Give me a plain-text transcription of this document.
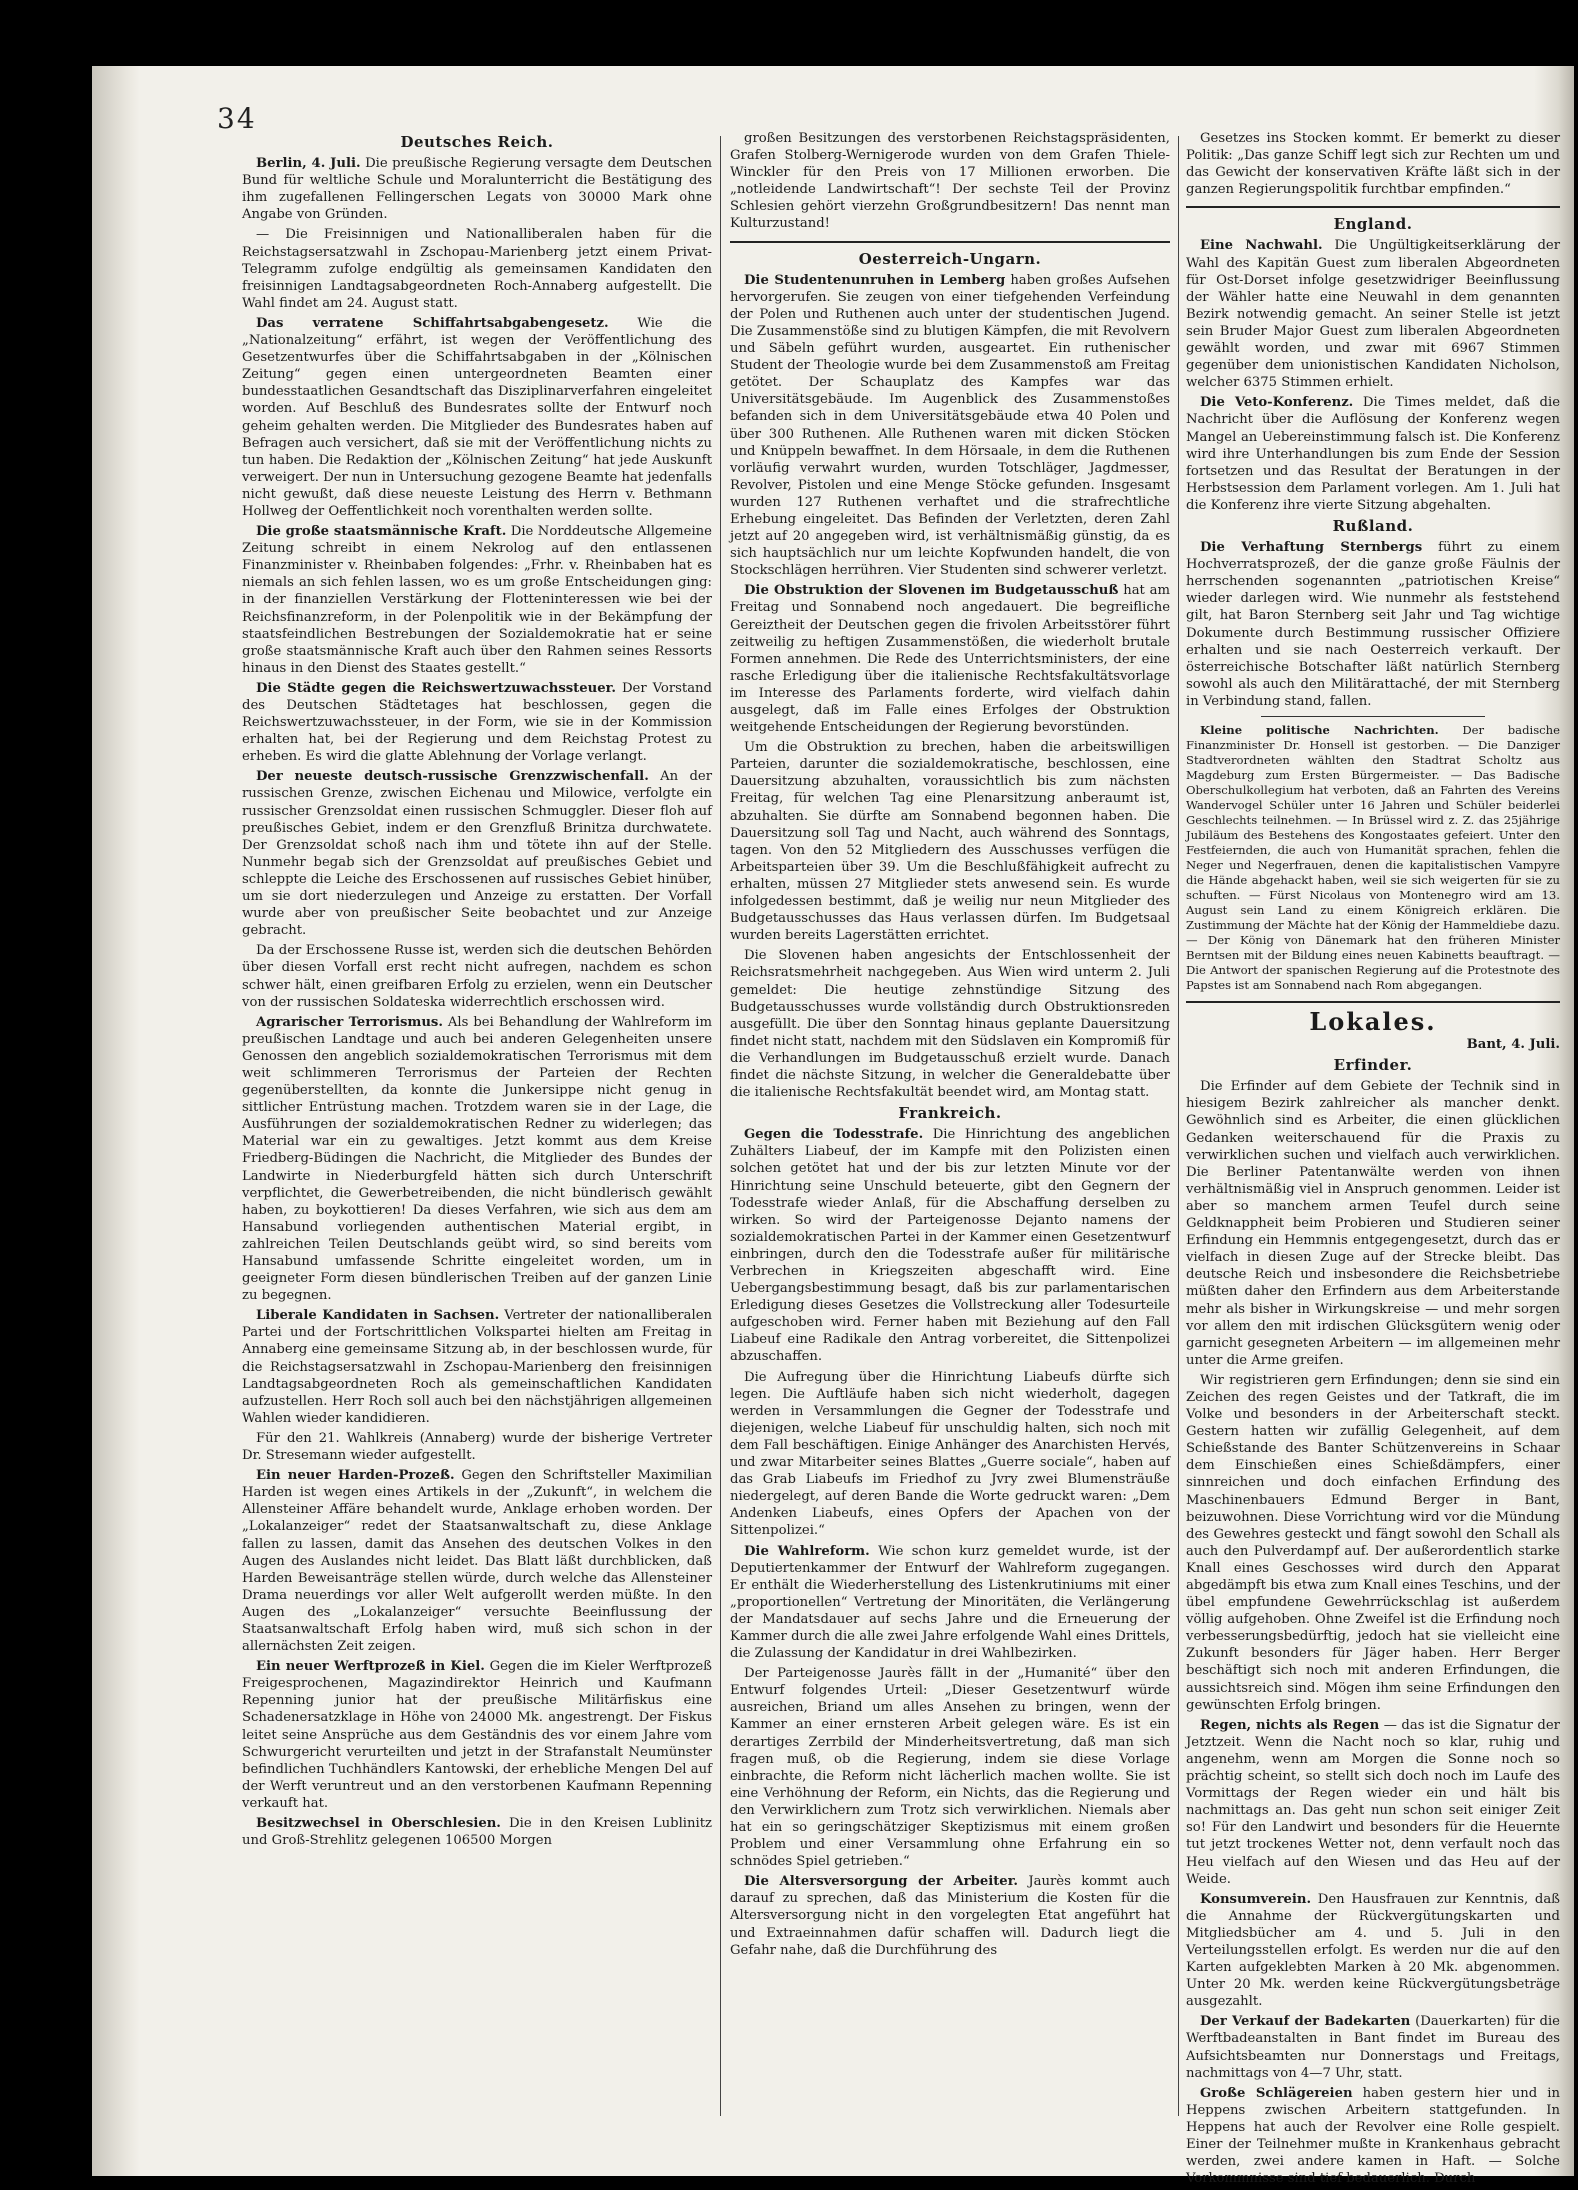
34
Deutsches Reich.

Berlin, 4. Juli. Die preußische Regierung versagte dem Deutschen Bund für weltliche Schule und Moralunterricht die Bestätigung des ihm zugefallenen Fellingerschen Legats von 30000 Mark ohne Angabe von Gründen.

— Die Freisinnigen und Nationalliberalen haben für die Reichstagsersatzwahl in Zschopau-Marienberg jetzt einem Privat-Telegramm zufolge endgültig als gemeinsamen Kandidaten den freisinnigen Landtagsabgeordneten Roch-Annaberg aufgestellt. Die Wahl findet am 24. August statt.

Das verratene Schiffahrtsabgabengesetz. Wie die „Nationalzeitung“ erfährt, ist wegen der Veröffentlichung des Gesetzentwurfes über die Schiffahrtsabgaben in der „Kölnischen Zeitung“ gegen einen untergeordneten Beamten einer bundesstaatlichen Gesandtschaft das Disziplinarverfahren eingeleitet worden. Auf Beschluß des Bundesrates sollte der Entwurf noch geheim gehalten werden. Die Mitglieder des Bundesrates haben auf Befragen auch versichert, daß sie mit der Veröffentlichung nichts zu tun haben. Die Redaktion der „Kölnischen Zeitung“ hat jede Auskunft verweigert. Der nun in Untersuchung gezogene Beamte hat jedenfalls nicht gewußt, daß diese neueste Leistung des Herrn v. Bethmann Hollweg der Oeffentlichkeit noch vorenthalten werden sollte.

Die große staatsmännische Kraft. Die Norddeutsche Allgemeine Zeitung schreibt in einem Nekrolog auf den entlassenen Finanzminister v. Rheinbaben folgendes: „Frhr. v. Rheinbaben hat es niemals an sich fehlen lassen, wo es um große Entscheidungen ging: in der finanziellen Verstärkung der Flotteninteressen wie bei der Reichsfinanzreform, in der Polenpolitik wie in der Bekämpfung der staatsfeindlichen Bestrebungen der Sozialdemokratie hat er seine große staatsmännische Kraft auch über den Rahmen seines Ressorts hinaus in den Dienst des Staates gestellt.“

Die Städte gegen die Reichswertzuwachssteuer. Der Vorstand des Deutschen Städtetages hat beschlossen, gegen die Reichswertzuwachssteuer, in der Form, wie sie in der Kommission erhalten hat, bei der Regierung und dem Reichstag Protest zu erheben. Es wird die glatte Ablehnung der Vorlage verlangt.

Der neueste deutsch-russische Grenzzwischenfall. An der russischen Grenze, zwischen Eichenau und Milowice, verfolgte ein russischer Grenzsoldat einen russischen Schmuggler. Dieser floh auf preußisches Gebiet, indem er den Grenzfluß Brinitza durchwatete. Der Grenzsoldat schoß nach ihm und tötete ihn auf der Stelle. Nunmehr begab sich der Grenzsoldat auf preußisches Gebiet und schleppte die Leiche des Erschossenen auf russisches Gebiet hinüber, um sie dort niederzulegen und Anzeige zu erstatten. Der Vorfall wurde aber von preußischer Seite beobachtet und zur Anzeige gebracht.

Da der Erschossene Russe ist, werden sich die deutschen Behörden über diesen Vorfall erst recht nicht aufregen, nachdem es schon schwer hält, einen greifbaren Erfolg zu erzielen, wenn ein Deutscher von der russischen Soldateska widerrechtlich erschossen wird.

Agrarischer Terrorismus. Als bei Behandlung der Wahlreform im preußischen Landtage und auch bei anderen Gelegenheiten unsere Genossen den angeblich sozialdemokratischen Terrorismus mit dem weit schlimmeren Terrorismus der Parteien der Rechten gegenüberstellten, da konnte die Junkersippe nicht genug in sittlicher Entrüstung machen. Trotzdem waren sie in der Lage, die Ausführungen der sozialdemokratischen Redner zu widerlegen; das Material war ein zu gewaltiges. Jetzt kommt aus dem Kreise Friedberg-Büdingen die Nachricht, die Mitglieder des Bundes der Landwirte in Niederburgfeld hätten sich durch Unterschrift verpflichtet, die Gewerbetreibenden, die nicht bündlerisch gewählt haben, zu boykottieren! Da dieses Verfahren, wie sich aus dem am Hansabund vorliegenden authentischen Material ergibt, in zahlreichen Teilen Deutschlands geübt wird, so sind bereits vom Hansabund umfassende Schritte eingeleitet worden, um in geeigneter Form diesen bündlerischen Treiben auf der ganzen Linie zu begegnen.

Liberale Kandidaten in Sachsen. Vertreter der nationalliberalen Partei und der Fortschrittlichen Volkspartei hielten am Freitag in Annaberg eine gemeinsame Sitzung ab, in der beschlossen wurde, für die Reichstagsersatzwahl in Zschopau-Marienberg den freisinnigen Landtagsabgeordneten Roch als gemeinschaftlichen Kandidaten aufzustellen. Herr Roch soll auch bei den nächstjährigen allgemeinen Wahlen wieder kandidieren.

Für den 21. Wahlkreis (Annaberg) wurde der bisherige Vertreter Dr. Stresemann wieder aufgestellt.

Ein neuer Harden-Prozeß. Gegen den Schriftsteller Maximilian Harden ist wegen eines Artikels in der „Zukunft“, in welchem die Allensteiner Affäre behandelt wurde, Anklage erhoben worden. Der „Lokalanzeiger“ redet der Staatsanwaltschaft zu, diese Anklage fallen zu lassen, damit das Ansehen des deutschen Volkes in den Augen des Auslandes nicht leidet. Das Blatt läßt durchblicken, daß Harden Beweisanträge stellen würde, durch welche das Allensteiner Drama neuerdings vor aller Welt aufgerollt werden müßte. In den Augen des „Lokalanzeiger“ versuchte Beeinflussung der Staatsanwaltschaft Erfolg haben wird, muß sich schon in der allernächsten Zeit zeigen.

Ein neuer Werftprozeß in Kiel. Gegen die im Kieler Werftprozeß Freigesprochenen, Magazindirektor Heinrich und Kaufmann Repenning junior hat der preußische Militärfiskus eine Schadenersatzklage in Höhe von 24000 Mk. angestrengt. Der Fiskus leitet seine Ansprüche aus dem Geständnis des vor einem Jahre vom Schwurgericht verurteilten und jetzt in der Strafanstalt Neumünster befindlichen Tuchhändlers Kantowski, der erhebliche Mengen Del auf der Werft veruntreut und an den verstorbenen Kaufmann Repenning verkauft hat.

Besitzwechsel in Oberschlesien. Die in den Kreisen Lublinitz und Groß-Strehlitz gelegenen 106500 Morgen

großen Besitzungen des verstorbenen Reichstagspräsidenten, Grafen Stolberg-Wernigerode wurden von dem Grafen Thiele-Winckler für den Preis von 17 Millionen erworben. Die „notleidende Landwirtschaft“! Der sechste Teil der Provinz Schlesien gehört vierzehn Großgrundbesitzern! Das nennt man Kulturzustand!

Oesterreich-Ungarn.

Die Studentenunruhen in Lemberg haben großes Aufsehen hervorgerufen. Sie zeugen von einer tiefgehenden Verfeindung der Polen und Ruthenen auch unter der studentischen Jugend. Die Zusammenstöße sind zu blutigen Kämpfen, die mit Revolvern und Säbeln geführt wurden, ausgeartet. Ein ruthenischer Student der Theologie wurde bei dem Zusammenstoß am Freitag getötet. Der Schauplatz des Kampfes war das Universitätsgebäude. Im Augenblick des Zusammenstoßes befanden sich in dem Universitätsgebäude etwa 40 Polen und über 300 Ruthenen. Alle Ruthenen waren mit dicken Stöcken und Knüppeln bewaffnet. In dem Hörsaale, in dem die Ruthenen vorläufig verwahrt wurden, wurden Totschläger, Jagdmesser, Revolver, Pistolen und eine Menge Stöcke gefunden. Insgesamt wurden 127 Ruthenen verhaftet und die strafrechtliche Erhebung eingeleitet. Das Befinden der Verletzten, deren Zahl jetzt auf 20 angegeben wird, ist verhältnismäßig günstig, da es sich hauptsächlich nur um leichte Kopfwunden handelt, die von Stockschlägen herrühren. Vier Studenten sind schwerer verletzt.

Die Obstruktion der Slovenen im Budgetausschuß hat am Freitag und Sonnabend noch angedauert. Die begreifliche Gereiztheit der Deutschen gegen die frivolen Arbeitsstörer führt zeitweilig zu heftigen Zusammenstößen, die wiederholt brutale Formen annehmen. Die Rede des Unterrichtsministers, der eine rasche Erledigung über die italienische Rechtsfakultätsvorlage im Interesse des Parlaments forderte, wird vielfach dahin ausgelegt, daß im Falle eines Erfolges der Obstruktion weitgehende Entscheidungen der Regierung bevorstünden.

Um die Obstruktion zu brechen, haben die arbeitswilligen Parteien, darunter die sozialdemokratische, beschlossen, eine Dauersitzung abzuhalten, voraussichtlich bis zum nächsten Freitag, für welchen Tag eine Plenarsitzung anberaumt ist, abzuhalten. Sie dürfte am Sonnabend begonnen haben. Die Dauersitzung soll Tag und Nacht, auch während des Sonntags, tagen. Von den 52 Mitgliedern des Ausschusses verfügen die Arbeitsparteien über 39. Um die Beschlußfähigkeit aufrecht zu erhalten, müssen 27 Mitglieder stets anwesend sein. Es wurde infolgedessen bestimmt, daß je weilig nur neun Mitglieder des Budgetausschusses das Haus verlassen dürfen. Im Budgetsaal wurden bereits Lagerstätten errichtet.

Die Slovenen haben angesichts der Entschlossenheit der Reichsratsmehrheit nachgegeben. Aus Wien wird unterm 2. Juli gemeldet: Die heutige zehnstündige Sitzung des Budgetausschusses wurde vollständig durch Obstruktionsreden ausgefüllt. Die über den Sonntag hinaus geplante Dauersitzung findet nicht statt, nachdem mit den Südslaven ein Kompromiß für die Verhandlungen im Budgetausschuß erzielt wurde. Danach findet die nächste Sitzung, in welcher die Generaldebatte über die italienische Rechtsfakultät beendet wird, am Montag statt.

Frankreich.

Gegen die Todesstrafe. Die Hinrichtung des angeblichen Zuhälters Liabeuf, der im Kampfe mit den Polizisten einen solchen getötet hat und der bis zur letzten Minute vor der Hinrichtung seine Unschuld beteuerte, gibt den Gegnern der Todesstrafe wieder Anlaß, für die Abschaffung derselben zu wirken. So wird der Parteigenosse Dejanto namens der sozialdemokratischen Partei in der Kammer einen Gesetzentwurf einbringen, durch den die Todesstrafe außer für militärische Verbrechen in Kriegszeiten abgeschafft wird. Eine Uebergangsbestimmung besagt, daß bis zur parlamentarischen Erledigung dieses Gesetzes die Vollstreckung aller Todesurteile aufgeschoben wird. Ferner haben mit Beziehung auf den Fall Liabeuf eine Radikale den Antrag vorbereitet, die Sittenpolizei abzuschaffen.

Die Aufregung über die Hinrichtung Liabeufs dürfte sich legen. Die Auftläufe haben sich nicht wiederholt, dagegen werden in Versammlungen die Gegner der Todesstrafe und diejenigen, welche Liabeuf für unschuldig halten, sich noch mit dem Fall beschäftigen. Einige Anhänger des Anarchisten Hervés, und zwar Mitarbeiter seines Blattes „Guerre sociale“, haben auf das Grab Liabeufs im Friedhof zu Jvry zwei Blumensträuße niedergelegt, auf deren Bande die Worte gedruckt waren: „Dem Andenken Liabeufs, eines Opfers der Apachen von der Sittenpolizei.“

Die Wahlreform. Wie schon kurz gemeldet wurde, ist der Deputiertenkammer der Entwurf der Wahlreform zugegangen. Er enthält die Wiederherstellung des Listenkrutiniums mit einer „proportionellen“ Vertretung der Minoritäten, die Verlängerung der Mandatsdauer auf sechs Jahre und die Erneuerung der Kammer durch die alle zwei Jahre erfolgende Wahl eines Drittels, die Zulassung der Kandidatur in drei Wahlbezirken.

Der Parteigenosse Jaurès fällt in der „Humanité“ über den Entwurf folgendes Urteil: „Dieser Gesetzentwurf würde ausreichen, Briand um alles Ansehen zu bringen, wenn der Kammer an einer ernsteren Arbeit gelegen wäre. Es ist ein derartiges Zerrbild der Minderheitsvertretung, daß man sich fragen muß, ob die Regierung, indem sie diese Vorlage einbrachte, die Reform nicht lächerlich machen wollte. Sie ist eine Verhöhnung der Reform, ein Nichts, das die Regierung und den Verwirklichern zum Trotz sich verwirklichen. Niemals aber hat ein so geringschätziger Skeptizismus mit einem großen Problem und einer Versammlung ohne Erfahrung ein so schnödes Spiel getrieben.“

Die Altersversorgung der Arbeiter. Jaurès kommt auch darauf zu sprechen, daß das Ministerium die Kosten für die Altersversorgung nicht in den vorgelegten Etat angeführt hat und Extraeinnahmen dafür schaffen will. Dadurch liegt die Gefahr nahe, daß die Durchführung des

Gesetzes ins Stocken kommt. Er bemerkt zu dieser Politik: „Das ganze Schiff legt sich zur Rechten um und das Gewicht der konservativen Kräfte läßt sich in der ganzen Regierungspolitik furchtbar empfinden.“

England.

Eine Nachwahl. Die Ungültigkeitserklärung der Wahl des Kapitän Guest zum liberalen Abgeordneten für Ost-Dorset infolge gesetzwidriger Beeinflussung der Wähler hatte eine Neuwahl in dem genannten Bezirk notwendig gemacht. An seiner Stelle ist jetzt sein Bruder Major Guest zum liberalen Abgeordneten gewählt worden, und zwar mit 6967 Stimmen gegenüber dem unionistischen Kandidaten Nicholson, welcher 6375 Stimmen erhielt.

Die Veto-Konferenz. Die Times meldet, daß die Nachricht über die Auflösung der Konferenz wegen Mangel an Uebereinstimmung falsch ist. Die Konferenz wird ihre Unterhandlungen bis zum Ende der Session fortsetzen und das Resultat der Beratungen in der Herbstsession dem Parlament vorlegen. Am 1. Juli hat die Konferenz ihre vierte Sitzung abgehalten.

Rußland.

Die Verhaftung Sternbergs führt zu einem Hochverratsprozeß, der die ganze große Fäulnis der herrschenden sogenannten „patriotischen Kreise“ wieder darlegen wird. Wie nunmehr als feststehend gilt, hat Baron Sternberg seit Jahr und Tag wichtige Dokumente durch Bestimmung russischer Offiziere erhalten und sie nach Oesterreich verkauft. Der österreichische Botschafter läßt natürlich Sternberg sowohl als auch den Militärattaché, der mit Sternberg in Verbindung stand, fallen.

Kleine politische Nachrichten. Der badische Finanzminister Dr. Honsell ist gestorben. — Die Danziger Stadtverordneten wählten den Stadtrat Scholtz aus Magdeburg zum Ersten Bürgermeister. — Das Badische Oberschulkollegium hat verboten, daß an Fahrten des Vereins Wandervogel Schüler unter 16 Jahren und Schüler beiderlei Geschlechts teilnehmen. — In Brüssel wird z. Z. das 25jährige Jubiläum des Bestehens des Kongostaates gefeiert. Unter den Festfeiernden, die auch von Humanität sprachen, fehlen die Neger und Negerfrauen, denen die kapitalistischen Vampyre die Hände abgehackt haben, weil sie sich weigerten für sie zu schuften. — Fürst Nicolaus von Montenegro wird am 13. August sein Land zu einem Königreich erklären. Die Zustimmung der Mächte hat der König der Hammeldiebe dazu. — Der König von Dänemark hat den früheren Minister Berntsen mit der Bildung eines neuen Kabinetts beauftragt. — Die Antwort der spanischen Regierung auf die Protestnote des Papstes ist am Sonnabend nach Rom abgegangen.

Lokales.
Bant, 4. Juli.
Erfinder.

Die Erfinder auf dem Gebiete der Technik sind in hiesigem Bezirk zahlreicher als mancher denkt. Gewöhnlich sind es Arbeiter, die einen glücklichen Gedanken weiterschauend für die Praxis zu verwirklichen suchen und vielfach auch verwirklichen. Die Berliner Patentanwälte werden von ihnen verhältnismäßig viel in Anspruch genommen. Leider ist aber so manchem armen Teufel durch seine Geldknappheit beim Probieren und Studieren seiner Erfindung ein Hemmnis entgegengesetzt, durch das er vielfach in diesen Zuge auf der Strecke bleibt. Das deutsche Reich und insbesondere die Reichsbetriebe müßten daher den Erfindern aus dem Arbeiterstande mehr als bisher in Wirkungskreise — und mehr sorgen vor allem den mit irdischen Glücksgütern wenig oder garnicht gesegneten Arbeitern — im allgemeinen mehr unter die Arme greifen.

Wir registrieren gern Erfindungen; denn sie sind ein Zeichen des regen Geistes und der Tatkraft, die im Volke und besonders in der Arbeiterschaft steckt. Gestern hatten wir zufällig Gelegenheit, auf dem Schießstande des Banter Schützenvereins in Schaar dem Einschießen eines Schießdämpfers, einer sinnreichen und doch einfachen Erfindung des Maschinenbauers Edmund Berger in Bant, beizuwohnen. Diese Vorrichtung wird vor die Mündung des Gewehres gesteckt und fängt sowohl den Schall als auch den Pulverdampf auf. Der außerordentlich starke Knall eines Geschosses wird durch den Apparat abgedämpft bis etwa zum Knall eines Teschins, und der übel empfundene Gewehrrückschlag ist außerdem völlig aufgehoben. Ohne Zweifel ist die Erfindung noch verbesserungsbedürftig, jedoch hat sie vielleicht eine Zukunft besonders für Jäger haben. Herr Berger beschäftigt sich noch mit anderen Erfindungen, die aussichtsreich sind. Mögen ihm seine Erfindungen den gewünschten Erfolg bringen.

Regen, nichts als Regen — das ist die Signatur der Jetztzeit. Wenn die Nacht noch so klar, ruhig und angenehm, wenn am Morgen die Sonne noch so prächtig scheint, so stellt sich doch noch im Laufe des Vormittags der Regen wieder ein und hält bis nachmittags an. Das geht nun schon seit einiger Zeit so! Für den Landwirt und besonders für die Heuernte tut jetzt trockenes Wetter not, denn verfault noch das Heu vielfach auf den Wiesen und das Heu auf der Weide.

Konsumverein. Den Hausfrauen zur Kenntnis, daß die Annahme der Rückvergütungskarten und Mitgliedsbücher am 4. und 5. Juli in den Verteilungsstellen erfolgt. Es werden nur die auf den Karten aufgeklebten Marken à 20 Mk. abgenommen. Unter 20 Mk. werden keine Rückvergütungsbeträge ausgezahlt.

Der Verkauf der Badekarten (Dauerkarten) für die Werftbadeanstalten in Bant findet im Bureau des Aufsichtsbeamten nur Donnerstags und Freitags, nachmittags von 4—7 Uhr, statt.

Große Schlägereien haben gestern hier und in Heppens zwischen Arbeitern stattgefunden. In Heppens hat auch der Revolver eine Rolle gespielt. Einer der Teilnehmer mußte in Krankenhaus gebracht werden, zwei andere kamen in Haft. — Solche Vorkommnisse sind tief bedauerlich. Durch
